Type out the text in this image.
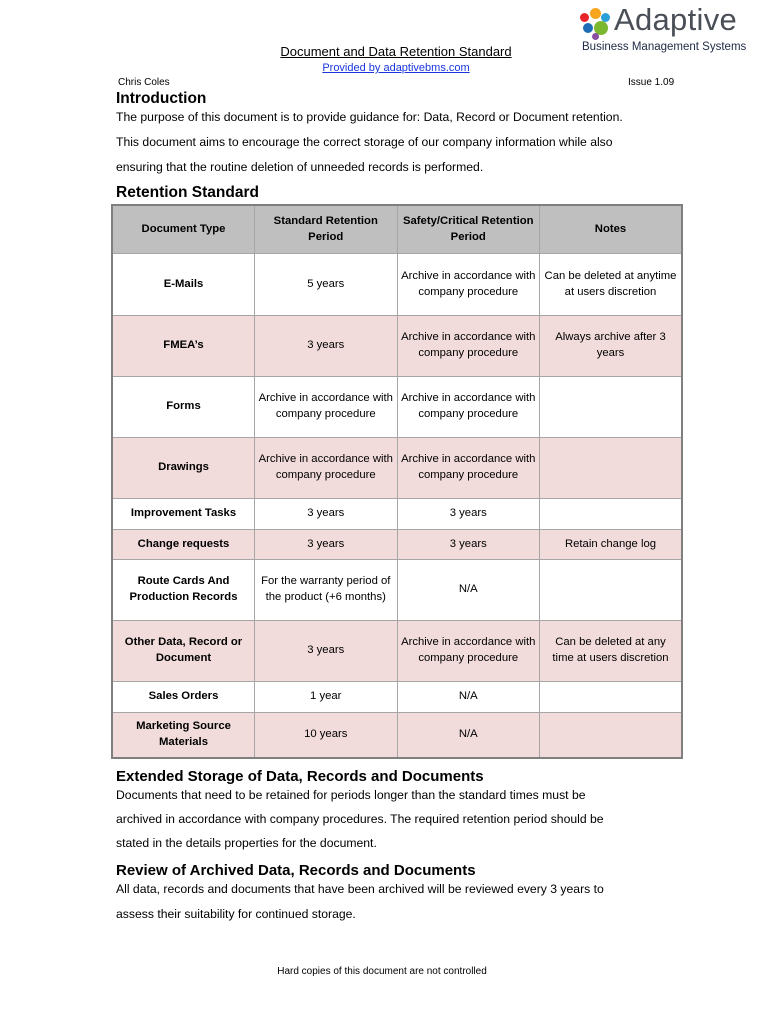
Adaptive
Business Management Systems
Document and Data Retention Standard
Provided by adaptivebms.com
Chris Coles	Issue 1.09
Introduction
The purpose of this document is to provide guidance for: Data, Record or Document retention.
This document aims to encourage the correct storage of our company information while also
ensuring that the routine deletion of unneeded records is performed.
Retention Standard
Document Type	Standard Retention Period	Safety/Critical Retention Period	Notes
E-Mails	5 years	Archive in accordance with company procedure	Can be deleted at anytime at users discretion
FMEA’s	3 years	Archive in accordance with company procedure	Always archive after 3 years
Forms	Archive in accordance with company procedure	Archive in accordance with company procedure	
Drawings	Archive in accordance with company procedure	Archive in accordance with company procedure	
Improvement Tasks	3 years	3 years	
Change requests	3 years	3 years	Retain change log
Route Cards And Production Records	For the warranty period of the product (+6 months)	N/A	
Other Data, Record or Document	3 years	Archive in accordance with company procedure	Can be deleted at any time at users discretion
Sales Orders	1 year	N/A	
Marketing Source Materials	10 years	N/A	
Extended Storage of Data, Records and Documents
Documents that need to be retained for periods longer than the standard times must be
archived in accordance with company procedures. The required retention period should be
stated in the details properties for the document.
Review of Archived Data, Records and Documents
All data, records and documents that have been archived will be reviewed every 3 years to
assess their suitability for continued storage.
Hard copies of this document are not controlled
